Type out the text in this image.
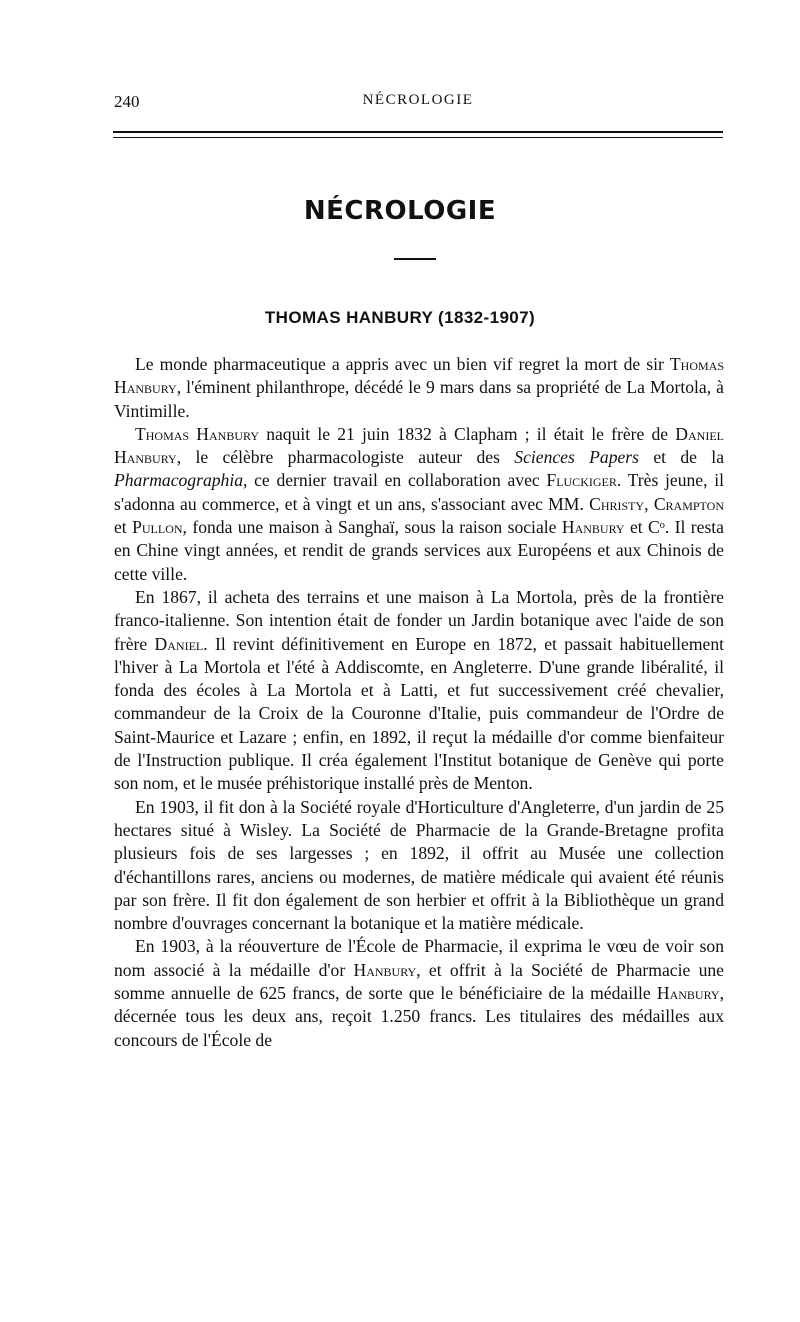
240	NÉCROLOGIE
NÉCROLOGIE
THOMAS HANBURY (1832-1907)

Le monde pharmaceutique a appris avec un bien vif regret la mort de sir Thomas Hanbury, l'éminent philanthrope, décédé le 9 mars dans sa propriété de La Mortola, à Vintimille.

Thomas Hanbury naquit le 21 juin 1832 à Clapham ; il était le frère de Daniel Hanbury, le célèbre pharmacologiste auteur des Sciences Papers et de la Pharmacographia, ce dernier travail en collaboration avec Fluckiger. Très jeune, il s'adonna au commerce, et à vingt et un ans, s'associant avec MM. Christy, Crampton et Pullon, fonda une maison à Sanghaï, sous la raison sociale Hanbury et Cᵒ. Il resta en Chine vingt années, et rendit de grands services aux Européens et aux Chinois de cette ville.

En 1867, il acheta des terrains et une maison à La Mortola, près de la frontière franco-italienne. Son intention était de fonder un Jardin botanique avec l'aide de son frère Daniel. Il revint définitivement en Europe en 1872, et passait habituellement l'hiver à La Mortola et l'été à Addiscomte, en Angleterre. D'une grande libéralité, il fonda des écoles à La Mortola et à Latti, et fut successivement créé chevalier, commandeur de la Croix de la Couronne d'Italie, puis commandeur de l'Ordre de Saint-Maurice et Lazare ; enfin, en 1892, il reçut la médaille d'or comme bienfaiteur de l'Instruction publique. Il créa également l'Institut botanique de Genève qui porte son nom, et le musée préhistorique installé près de Menton.

En 1903, il fit don à la Société royale d'Horticulture d'Angleterre, d'un jardin de 25 hectares situé à Wisley. La Société de Pharmacie de la Grande-Bretagne profita plusieurs fois de ses largesses ; en 1892, il offrit au Musée une collection d'échantillons rares, anciens ou modernes, de matière médicale qui avaient été réunis par son frère. Il fit don également de son herbier et offrit à la Bibliothèque un grand nombre d'ouvrages concernant la botanique et la matière médicale.

En 1903, à la réouverture de l'École de Pharmacie, il exprima le vœu de voir son nom associé à la médaille d'or Hanbury, et offrit à la Société de Pharmacie une somme annuelle de 625 francs, de sorte que le bénéficiaire de la médaille Hanbury, décernée tous les deux ans, reçoit 1.250 francs. Les titulaires des médailles aux concours de l'École de
